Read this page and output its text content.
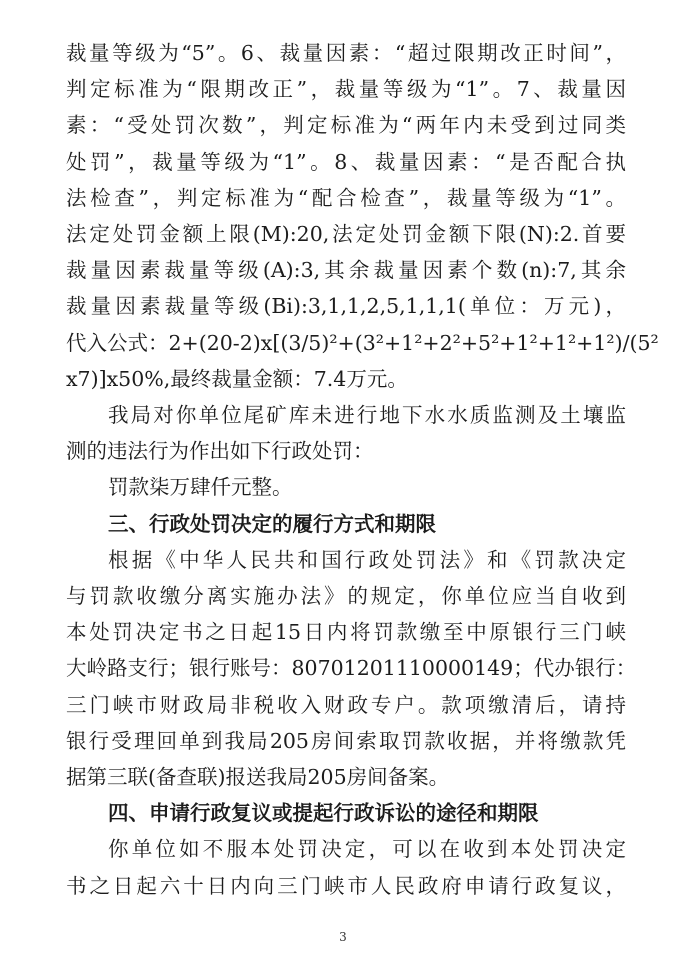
裁量等级为“5”。6、裁量因素：“超过限期改正时间”，
判定标准为“限期改正”，裁量等级为“1”。7、裁量因
素：“受处罚次数”，判定标准为“两年内未受到过同类
处罚”，裁量等级为“1”。8、裁量因素：“是否配合执
法检查”，判定标准为“配合检查”，裁量等级为“1”。
法定处罚金额上限(M):20,法定处罚金额下限(N):2.首要
裁量因素裁量等级(A):3,其余裁量因素个数(n):7,其余
裁量因素裁量等级(Bi):3,1,1,2,5,1,1,1(单位：万元)，
代入公式：2+(20-2)x[(3/5)²+(3²+1²+2²+5²+1²+1²+1²)/(5²
x7)]x50%,最终裁量金额：7.4万元。
我局对你单位尾矿库未进行地下水水质监测及土壤监
测的违法行为作出如下行政处罚：
罚款柒万肆仟元整。
三、行政处罚决定的履行方式和期限
根据《中华人民共和国行政处罚法》和《罚款决定
与罚款收缴分离实施办法》的规定，你单位应当自收到
本处罚决定书之日起15日内将罚款缴至中原银行三门峡
大岭路支行；银行账号：80701201110000149；代办银行：
三门峡市财政局非税收入财政专户。款项缴清后，请持
银行受理回单到我局205房间索取罚款收据，并将缴款凭
据第三联(备查联)报送我局205房间备案。
四、申请行政复议或提起行政诉讼的途径和期限
你单位如不服本处罚决定，可以在收到本处罚决定
3
书之日起六十日内向三门峡市人民政府申请行政复议，
